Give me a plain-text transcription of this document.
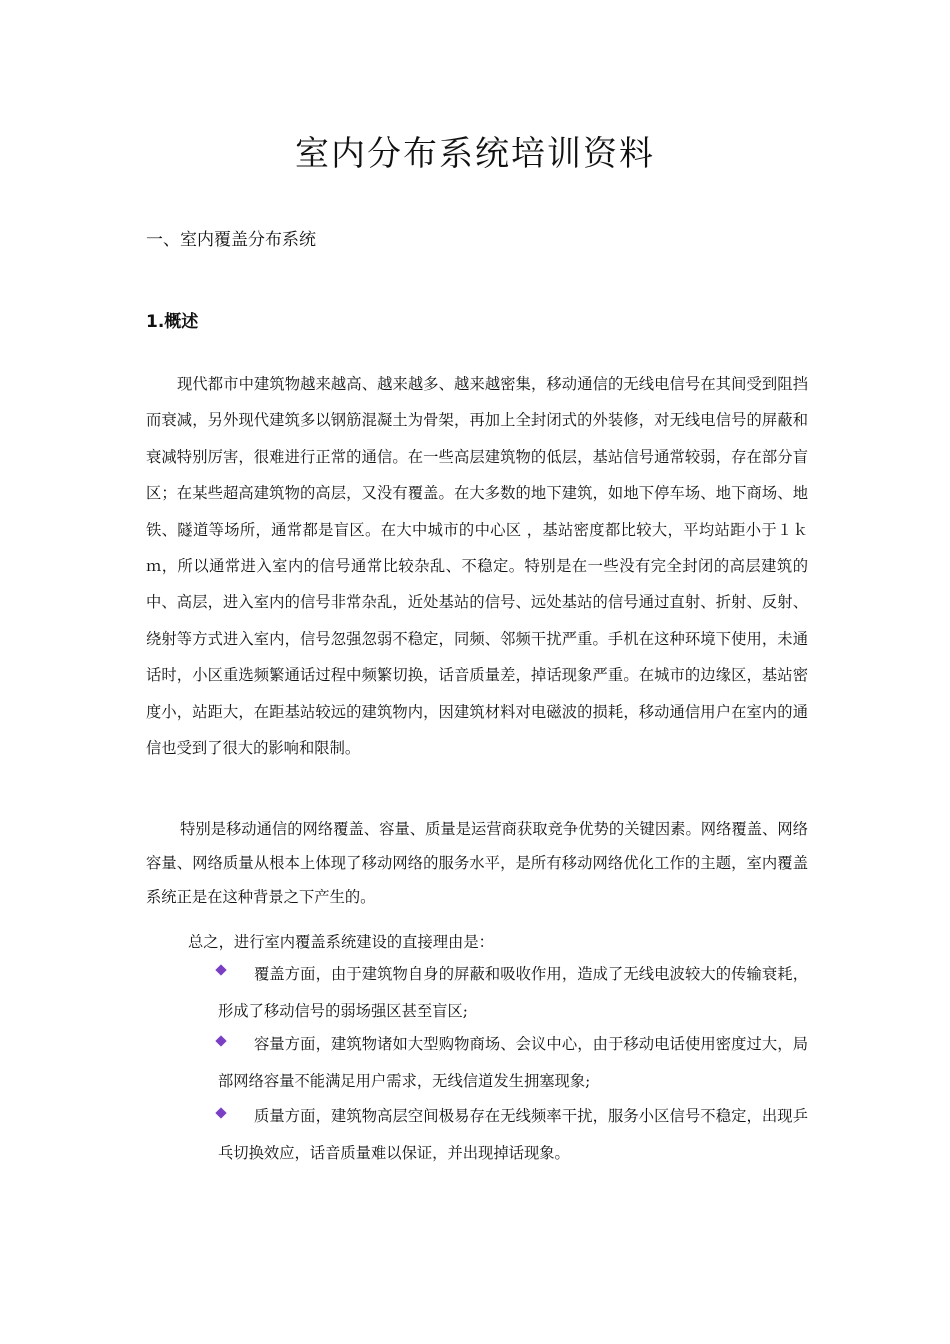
室内分布系统培训资料
一、室内覆盖分布系统
1.概述

现代都市中建筑物越来越高、越来越多、越来越密集，移动通信的无线电信号在其间受到阻挡而衰减，另外现代建筑多以钢筋混凝土为骨架，再加上全封闭式的外装修，对无线电信号的屏蔽和衰减特别厉害，很难进行正常的通信。在一些高层建筑物的低层，基站信号通常较弱，存在部分盲区；在某些超高建筑物的高层，又没有覆盖。在大多数的地下建筑，如地下停车场、地下商场、地铁、隧道等场所，通常都是盲区。在大中城市的中心区 ，基站密度都比较大，平均站距小于１ｋｍ，所以通常进入室内的信号通常比较杂乱、不稳定。特别是在一些没有完全封闭的高层建筑的中、高层，进入室内的信号非常杂乱，近处基站的信号、远处基站的信号通过直射、折射、反射、 绕射等方式进入室内，信号忽强忽弱不稳定，同频、邻频干扰严重。手机在这种环境下使用，未通话时，小区重选频繁通话过程中频繁切换，话音质量差，掉话现象严重。在城市的边缘区，基站密度小，站距大，在距基站较远的建筑物内，因建筑材料对电磁波的损耗，移动通信用户在室内的通信也受到了很大的影响和限制。

特别是移动通信的网络覆盖、容量、质量是运营商获取竞争优势的关键因素。网络覆盖、网络容量、网络质量从根本上体现了移动网络的服务水平，是所有移动网络优化工作的主题，室内覆盖系统正是在这种背景之下产生的。

总之，进行室内覆盖系统建设的直接理由是：

覆盖方面，由于建筑物自身的屏蔽和吸收作用，造成了无线电波较大的传输衰耗，形成了移动信号的弱场强区甚至盲区;

容量方面，建筑物诸如大型购物商场、会议中心，由于移动电话使用密度过大，局部网络容量不能满足用户需求，无线信道发生拥塞现象;

质量方面，建筑物高层空间极易存在无线频率干扰，服务小区信号不稳定，出现乒乓切换效应，话音质量难以保证，并出现掉话现象。
